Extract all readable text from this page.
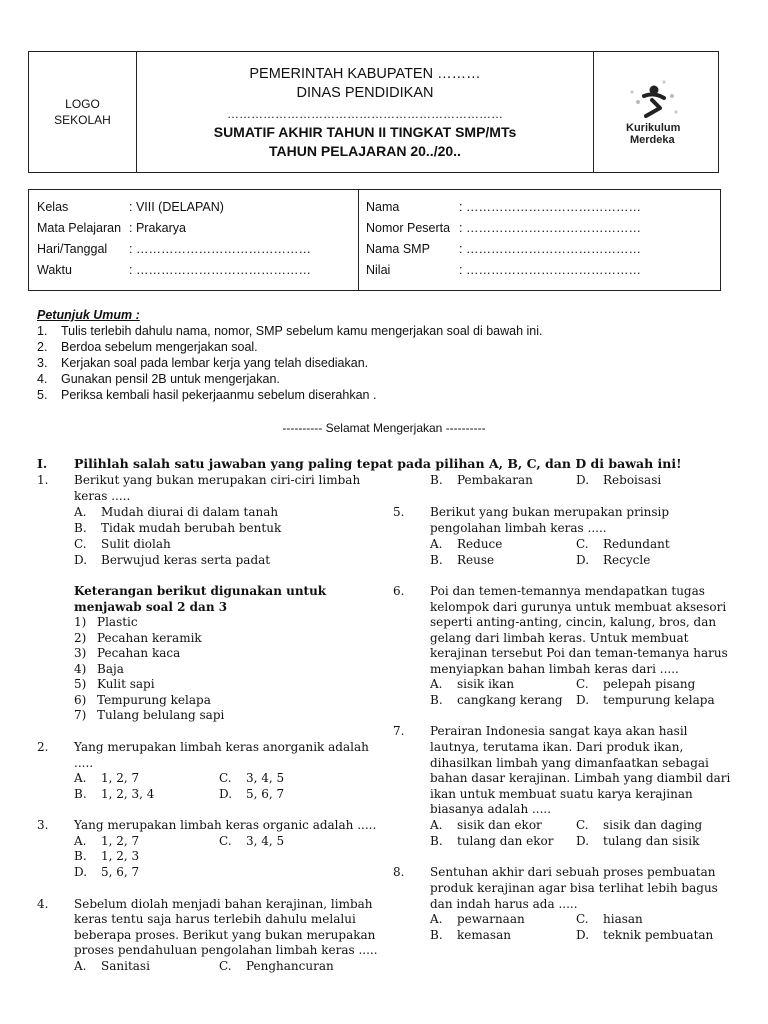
LOGO
SEKOLAH
PEMERINTAH KABUPATEN ………
DINAS PENDIDIKAN
……………………………………………………………
SUMATIF AKHIR TAHUN II TINGKAT SMP/MTs
TAHUN PELAJARAN 20../20..
Kurikulum
Merdeka
Kelas	: VIII (DELAPAN)
Mata Pelajaran : Prakarya
Hari/Tanggal : ……………………………………
Waktu	: ……………………………………
Nama	: ……………………………………
Nomor Peserta : ……………………………………
Nama SMP : ……………………………………
Nilai	: ……………………………………
Petunjuk Umum :
1. Tulis terlebih dahulu nama, nomor, SMP sebelum kamu mengerjakan soal di bawah ini.
2. Berdoa sebelum mengerjakan soal.
3. Kerjakan soal pada lembar kerja yang telah disediakan.
4. Gunakan pensil 2B untuk mengerjakan.
5. Periksa kembali hasil pekerjaanmu sebelum diserahkan .
---------- Selamat Mengerjakan ----------
I. Pilihlah salah satu jawaban yang paling tepat pada pilihan A, B, C, dan D di bawah ini!
1. Berikut yang bukan merupakan ciri-ciri limbah
keras .....
A. Mudah diurai di dalam tanah
B. Tidak mudah berubah bentuk
C. Sulit diolah
D. Berwujud keras serta padat
Keterangan berikut digunakan untuk
menjawab soal 2 dan 3
1) Plastic
2) Pecahan keramik
3) Pecahan kaca
4) Baja
5) Kulit sapi
6) Tempurung kelapa
7) Tulang belulang sapi
2. Yang merupakan limbah keras anorganik adalah
.....
A. 1, 2, 7	C. 3, 4, 5
B. 1, 2, 3, 4	D. 5, 6, 7
3. Yang merupakan limbah keras organic adalah .....
A. 1, 2, 7	C. 3, 4, 5
B. 1, 2, 3
D. 5, 6, 7
4. Sebelum diolah menjadi bahan kerajinan, limbah
keras tentu saja harus terlebih dahulu melalui
beberapa proses. Berikut yang bukan merupakan
proses pendahuluan pengolahan limbah keras .....
A. Sanitasi	C. Penghancuran
B. Pembakaran	D. Reboisasi
5. Berikut yang bukan merupakan prinsip
pengolahan limbah keras .....
A. Reduce	C. Redundant
B. Reuse	D. Recycle
6. Poi dan temen-temannya mendapatkan tugas
kelompok dari gurunya untuk membuat aksesori
seperti anting-anting, cincin, kalung, bros, dan
gelang dari limbah keras. Untuk membuat
kerajinan tersebut Poi dan teman-temanya harus
menyiapkan bahan limbah keras dari .....
A. sisik ikan	C. pelepah pisang
B. cangkang kerang D. tempurung kelapa
7. Perairan Indonesia sangat kaya akan hasil
lautnya, terutama ikan. Dari produk ikan,
dihasilkan limbah yang dimanfaatkan sebagai
bahan dasar kerajinan. Limbah yang diambil dari
ikan untuk membuat suatu karya kerajinan
biasanya adalah .....
A. sisik dan ekor	C. sisik dan daging
B. tulang dan ekor D. tulang dan sisik
8. Sentuhan akhir dari sebuah proses pembuatan
produk kerajinan agar bisa terlihat lebih bagus
dan indah harus ada .....
A. pewarnaan	C. hiasan
B. kemasan	D. teknik pembuatan
